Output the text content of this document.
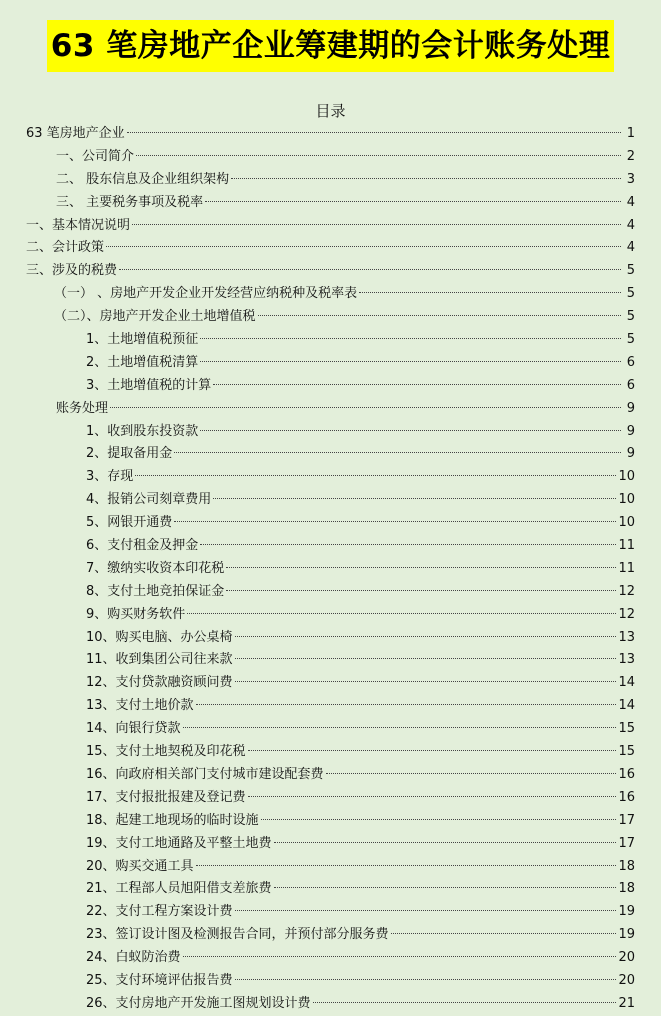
63 笔房地产企业筹建期的会计账务处理
目录
63 笔房地产企业	1
一、公司简介	2
二、 股东信息及企业组织架构	3
三、 主要税务事项及税率	4
一、基本情况说明	4
二、会计政策	4
三、涉及的税费	5
（一） 、房地产开发企业开发经营应纳税种及税率表	5
（二）、房地产开发企业土地增值税	5
1、土地增值税预征	5
2、土地增值税清算	6
3、土地增值税的计算	6
账务处理	9
1、收到股东投资款	9
2、提取备用金	9
3、存现	10
4、报销公司刻章费用	10
5、网银开通费	10
6、支付租金及押金	11
7、缴纳实收资本印花税	11
8、支付土地竞拍保证金	12
9、购买财务软件	12
10、购买电脑、办公桌椅	13
11、收到集团公司往来款	13
12、支付贷款融资顾问费	14
13、支付土地价款	14
14、向银行贷款	15
15、支付土地契税及印花税	15
16、向政府相关部门支付城市建设配套费	16
17、支付报批报建及登记费	16
18、起建工地现场的临时设施	17
19、支付工地通路及平整土地费	17
20、购买交通工具	18
21、工程部人员旭阳借支差旅费	18
22、支付工程方案设计费	19
23、签订设计图及检测报告合同，并预付部分服务费	19
24、白蚁防治费	20
25、支付环境评估报告费	20
26、支付房地产开发施工图规划设计费	21
